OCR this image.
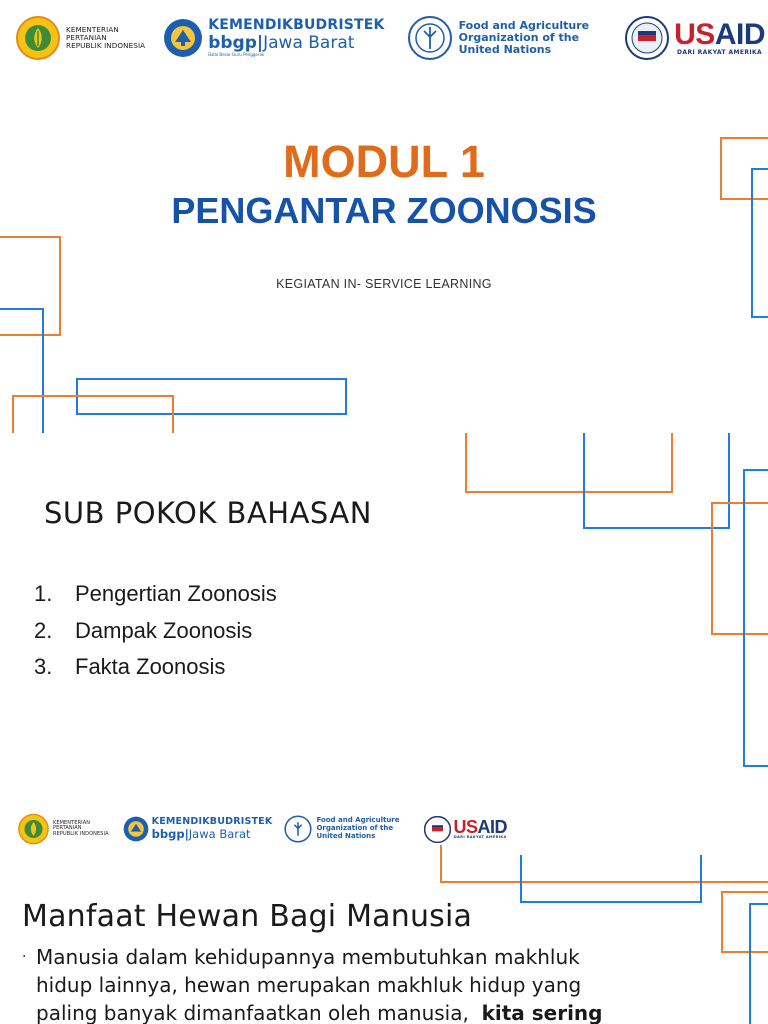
KEMENTERIAN
PERTANIAN
REPUBLIK INDONESIA
KEMENDIKBUDRISTEK
bbgp|Jawa Barat
Balai Besar Guru Penggerak
Food and Agriculture
Organization of the
United Nations	USAID
DARI RAKYAT AMERIKA
MODUL 1
PENGANTAR ZOONOSIS
KEGIATAN IN- SERVICE LEARNING
SUB POKOK BAHASAN
1.	Pengertian Zoonosis
2.	Dampak Zoonosis
3.	Fakta Zoonosis
KEMENTERIAN
PERTANIAN
REPUBLIK INDONESIA
KEMENDIKBUDRISTEK
bbgp|Jawa Barat
Food and Agriculture
Organization of the
United Nations	USAID
DARI RAKYAT AMERIKA
Manfaat Hewan Bagi Manusia
· Manusia dalam kehidupannya membutuhkan makhluk hidup lainnya, hewan merupakan makhluk hidup yang paling banyak dimanfaatkan oleh manusia, kita sering
